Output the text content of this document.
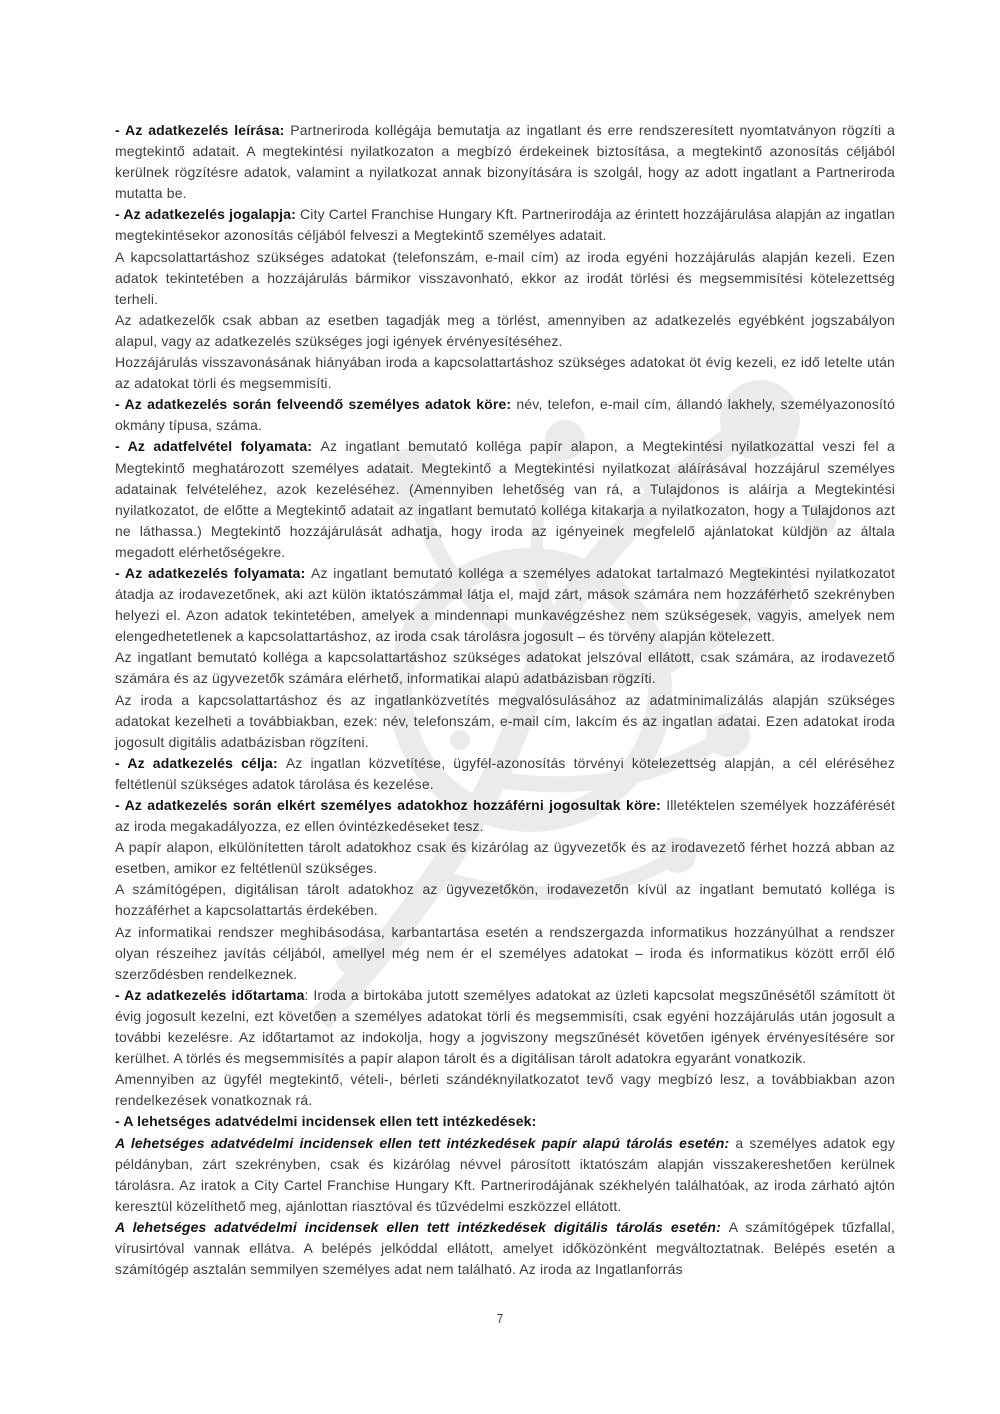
- Az adatkezelés leírása: Partneriroda kollégája bemutatja az ingatlant és erre rendszeresített nyomtatványon rögzíti a megtekintő adatait. A megtekintési nyilatkozaton a megbízó érdekeinek biztosítása, a megtekintő azonosítás céljából kerülnek rögzítésre adatok, valamint a nyilatkozat annak bizonyítására is szolgál, hogy az adott ingatlant a Partneriroda mutatta be.

- Az adatkezelés jogalapja: City Cartel Franchise Hungary Kft. Partnerirodája az érintett hozzájárulása alapján az ingatlan megtekintésekor azonosítás céljából felveszi a Megtekintő személyes adatait.

A kapcsolattartáshoz szükséges adatokat (telefonszám, e-mail cím) az iroda egyéni hozzájárulás alapján kezeli. Ezen adatok tekintetében a hozzájárulás bármikor visszavonható, ekkor az irodát törlési és megsemmisítési kötelezettség terheli.

Az adatkezelők csak abban az esetben tagadják meg a törlést, amennyiben az adatkezelés egyébként jogszabályon alapul, vagy az adatkezelés szükséges jogi igények érvényesítéséhez.

Hozzájárulás visszavonásának hiányában iroda a kapcsolattartáshoz szükséges adatokat öt évig kezeli, ez idő letelte után az adatokat törli és megsemmisíti.

- Az adatkezelés során felveendő személyes adatok köre: név, telefon, e-mail cím, állandó lakhely, személyazonosító okmány típusa, száma.

- Az adatfelvétel folyamata: Az ingatlant bemutató kolléga papír alapon, a Megtekintési nyilatkozattal veszi fel a Megtekintő meghatározott személyes adatait. Megtekintő a Megtekintési nyilatkozat aláírásával hozzájárul személyes adatainak felvételéhez, azok kezeléséhez. (Amennyiben lehetőség van rá, a Tulajdonos is aláírja a Megtekintési nyilatkozatot, de előtte a Megtekintő adatait az ingatlant bemutató kolléga kitakarja a nyilatkozaton, hogy a Tulajdonos azt ne láthassa.) Megtekintő hozzájárulását adhatja, hogy iroda az igényeinek megfelelő ajánlatokat küldjön az általa megadott elérhetőségekre.

- Az adatkezelés folyamata: Az ingatlant bemutató kolléga a személyes adatokat tartalmazó Megtekintési nyilatkozatot átadja az irodavezetőnek, aki azt külön iktatószámmal látja el, majd zárt, mások számára nem hozzáférhető szekrényben helyezi el. Azon adatok tekintetében, amelyek a mindennapi munkavégzéshez nem szükségesek, vagyis, amelyek nem elengedhetetlenek a kapcsolattartáshoz, az iroda csak tárolásra jogosult – és törvény alapján kötelezett.

Az ingatlant bemutató kolléga a kapcsolattartáshoz szükséges adatokat jelszóval ellátott, csak számára, az irodavezető számára és az ügyvezetők számára elérhető, informatikai alapú adatbázisban rögzíti.

Az iroda a kapcsolattartáshoz és az ingatlanközvetítés megvalósulásához az adatminimalizálás alapján szükséges adatokat kezelheti a továbbiakban, ezek: név, telefonszám, e-mail cím, lakcím és az ingatlan adatai. Ezen adatokat iroda jogosult digitális adatbázisban rögzíteni.

- Az adatkezelés célja: Az ingatlan közvetítése, ügyfél-azonosítás törvényi kötelezettség alapján, a cél eléréséhez feltétlenül szükséges adatok tárolása és kezelése.

- Az adatkezelés során elkért személyes adatokhoz hozzáférni jogosultak köre: Illetéktelen személyek hozzáférését az iroda megakadályozza, ez ellen óvintézkedéseket tesz.

A papír alapon, elkülönítetten tárolt adatokhoz csak és kizárólag az ügyvezetők és az irodavezető férhet hozzá abban az esetben, amikor ez feltétlenül szükséges.

A számítógépen, digitálisan tárolt adatokhoz az ügyvezetőkön, irodavezetőn kívül az ingatlant bemutató kolléga is hozzáférhet a kapcsolattartás érdekében.

Az informatikai rendszer meghibásodása, karbantartása esetén a rendszergazda informatikus hozzányúlhat a rendszer olyan részeihez javítás céljából, amellyel még nem ér el személyes adatokat – iroda és informatikus között erről élő szerződésben rendelkeznek.

- Az adatkezelés időtartama: Iroda a birtokába jutott személyes adatokat az üzleti kapcsolat megszűnésétől számított öt évig jogosult kezelni, ezt követően a személyes adatokat törli és megsemmisíti, csak egyéni hozzájárulás után jogosult a további kezelésre. Az időtartamot az indokolja, hogy a jogviszony megszűnését követően igények érvényesítésére sor kerülhet. A törlés és megsemmisítés a papír alapon tárolt és a digitálisan tárolt adatokra egyaránt vonatkozik.

Amennyiben az ügyfél megtekintő, vételi-, bérleti szándéknyilatkozatot tevő vagy megbízó lesz, a továbbiakban azon rendelkezések vonatkoznak rá.

- A lehetséges adatvédelmi incidensek ellen tett intézkedések:

A lehetséges adatvédelmi incidensek ellen tett intézkedések papír alapú tárolás esetén: a személyes adatok egy példányban, zárt szekrényben, csak és kizárólag névvel párosított iktatószám alapján visszakereshetően kerülnek tárolásra. Az iratok a City Cartel Franchise Hungary Kft. Partnerirodájának székhelyén találhatóak, az iroda zárható ajtón keresztül közelíthető meg, ajánlottan riasztóval és tűzvédelmi eszközzel ellátott.

A lehetséges adatvédelmi incidensek ellen tett intézkedések digitális tárolás esetén: A számítógépek tűzfallal, vírusirtóval vannak ellátva. A belépés jelkóddal ellátott, amelyet időközönként megváltoztatnak. Belépés esetén a számítógép asztalán semmilyen személyes adat nem található. Az iroda az Ingatlanforrás

7
